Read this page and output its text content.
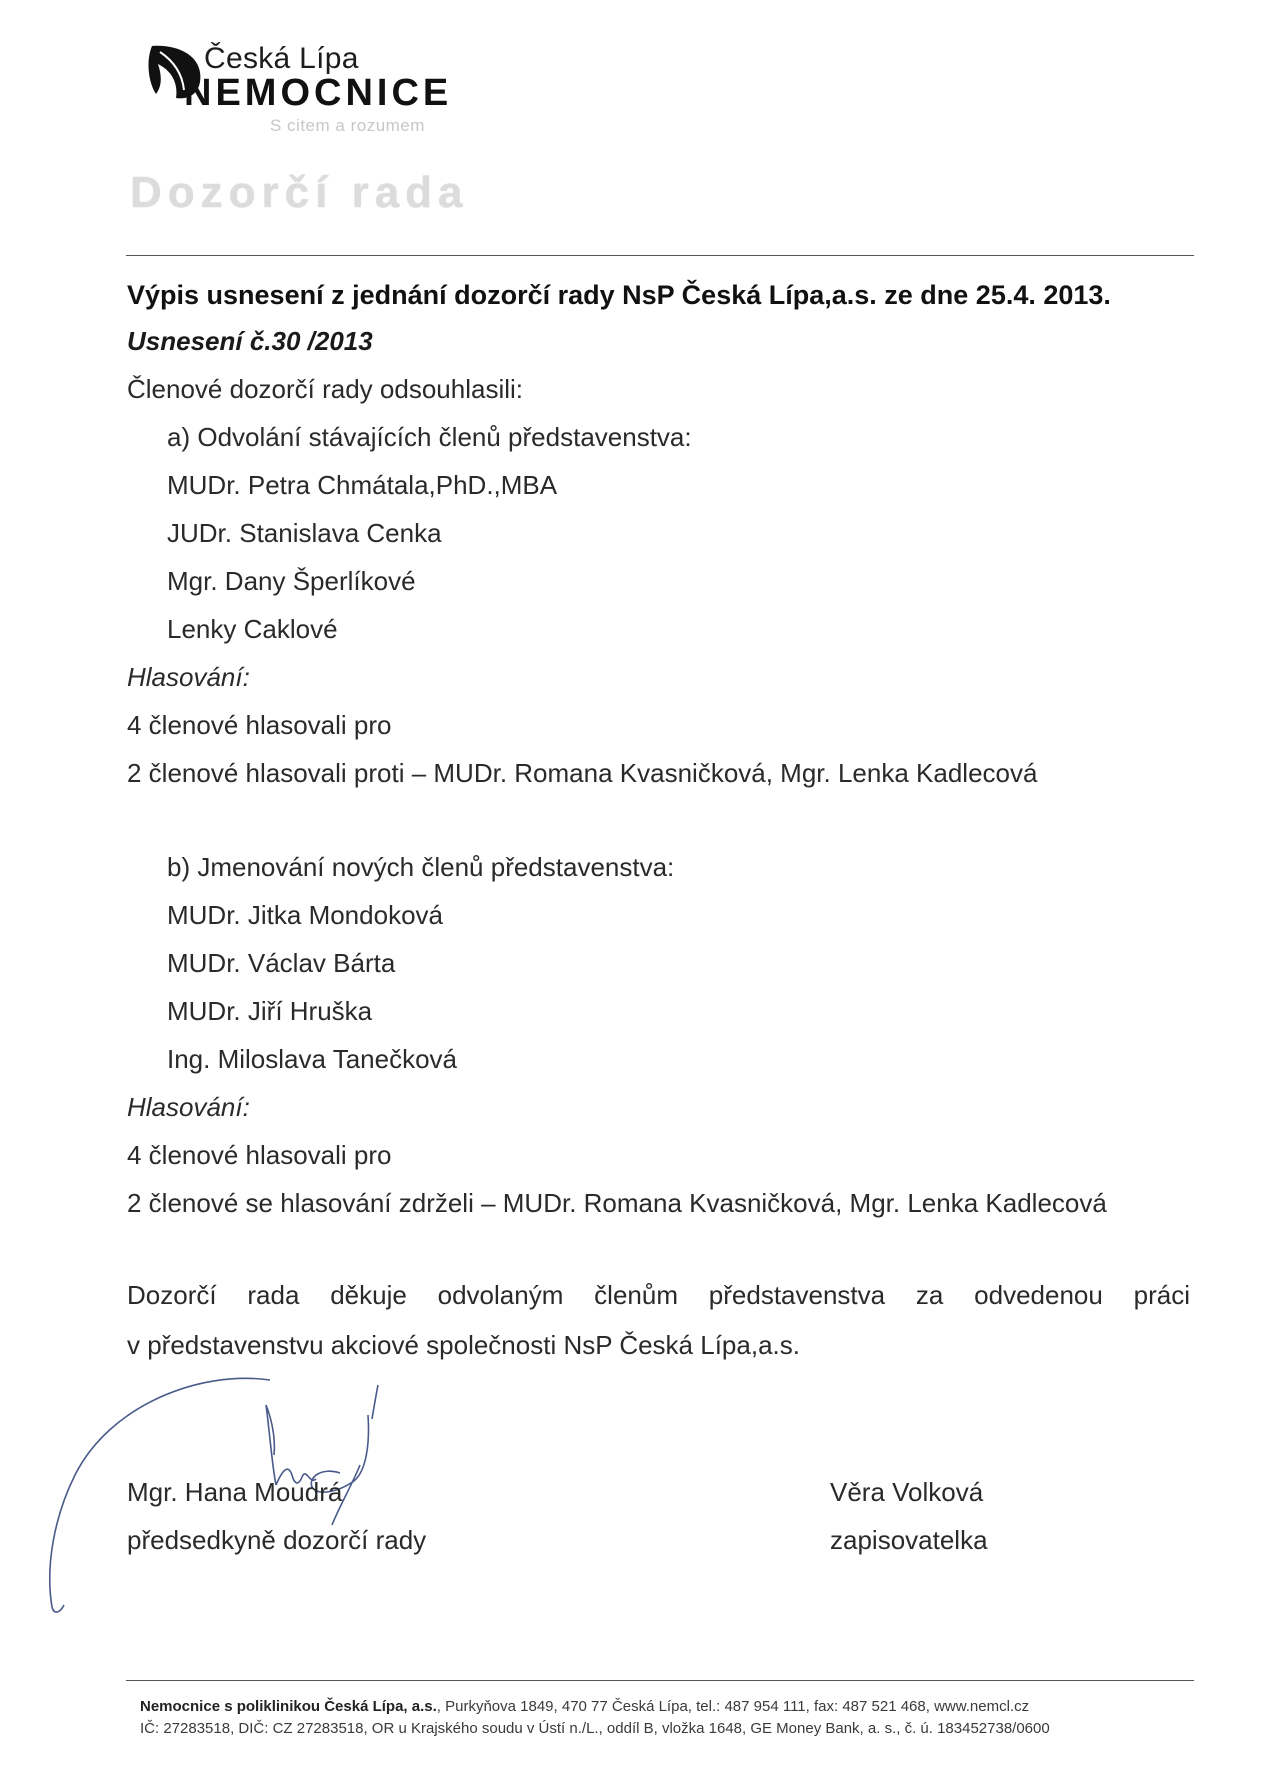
Česká Lípa
NEMOCNICE
S citem a rozumem
Dozorčí rada
Výpis usnesení z jednání dozorčí rady NsP Česká Lípa,a.s. ze dne 25.4. 2013.
Usnesení č.30 /2013
Členové dozorčí rady odsouhlasili:
a) Odvolání stávajících členů představenstva:
MUDr. Petra Chmátala,PhD.,MBA
JUDr. Stanislava Cenka
Mgr. Dany Šperlíkové
Lenky Caklové
Hlasování:
4 členové hlasovali pro
2 členové hlasovali proti – MUDr. Romana Kvasničková, Mgr. Lenka Kadlecová
b) Jmenování nových členů představenstva:
MUDr. Jitka Mondoková
MUDr. Václav Bárta
MUDr. Jiří Hruška
Ing. Miloslava Tanečková
Hlasování:
4 členové hlasovali pro
2 členové se hlasování zdrželi – MUDr. Romana Kvasničková, Mgr. Lenka Kadlecová
Dozorčí rada děkuje odvolaným členům představenstva za odvedenou práci
v představenstvu akciové společnosti NsP Česká Lípa,a.s.
Mgr. Hana Moudrá
předsedkyně dozorčí rady
Věra Volková
zapisovatelka
Nemocnice s poliklinikou Česká Lípa, a.s., Purkyňova 1849, 470 77 Česká Lípa, tel.: 487 954 111, fax: 487 521 468, www.nemcl.cz
IČ: 27283518, DIČ: CZ 27283518, OR u Krajského soudu v Ústí n./L., oddíl B, vložka 1648, GE Money Bank, a. s., č. ú. 183452738/0600
